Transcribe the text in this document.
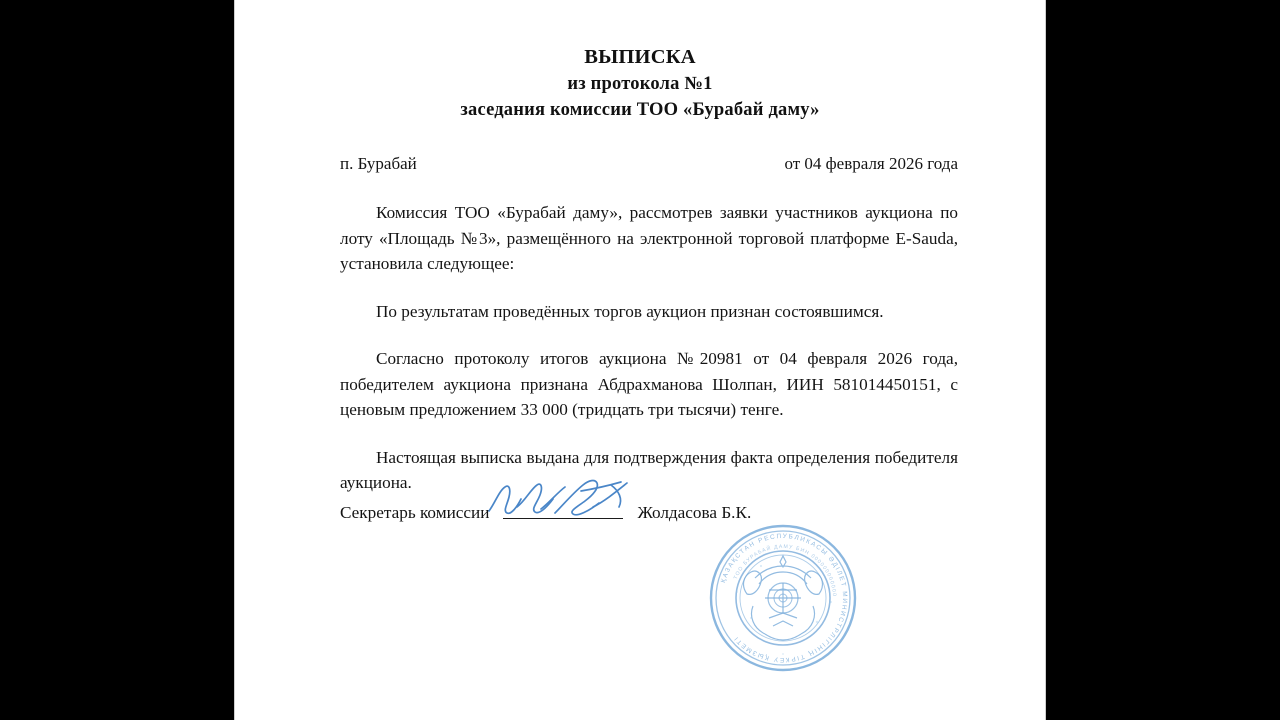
ВЫПИСКА
из протокола №1
заседания комиссии ТОО «Бурабай даму»
п. Бурабай	от 04 февраля 2026 года

Комиссия ТОО «Бурабай даму», рассмотрев заявки участников аукциона по лоту «Площадь №3», размещённого на электронной торговой платформе E-Sauda, установила следующее:

По результатам проведённых торгов аукцион признан состоявшимся.

Согласно протоколу итогов аукциона №20981 от 04 февраля 2026 года, победителем аукциона признана Абдрахманова Шолпан, ИИН 581014450151, с ценовым предложением 33 000 (тридцать три тысячи) тенге.

Настоящая выписка выдана для подтверждения факта определения победителя аукциона.

Секретарь комиссии	Жолдасова Б.К.
ҚАЗАҚСТАН РЕСПУБЛИКАСЫ ӘДІЛЕТ МИНИСТРЛІГІНІҢ ТІРКЕУ ҚЫЗМЕТІ
ТОО БУРАБАЙ ДАМУ БИН 000000000000
